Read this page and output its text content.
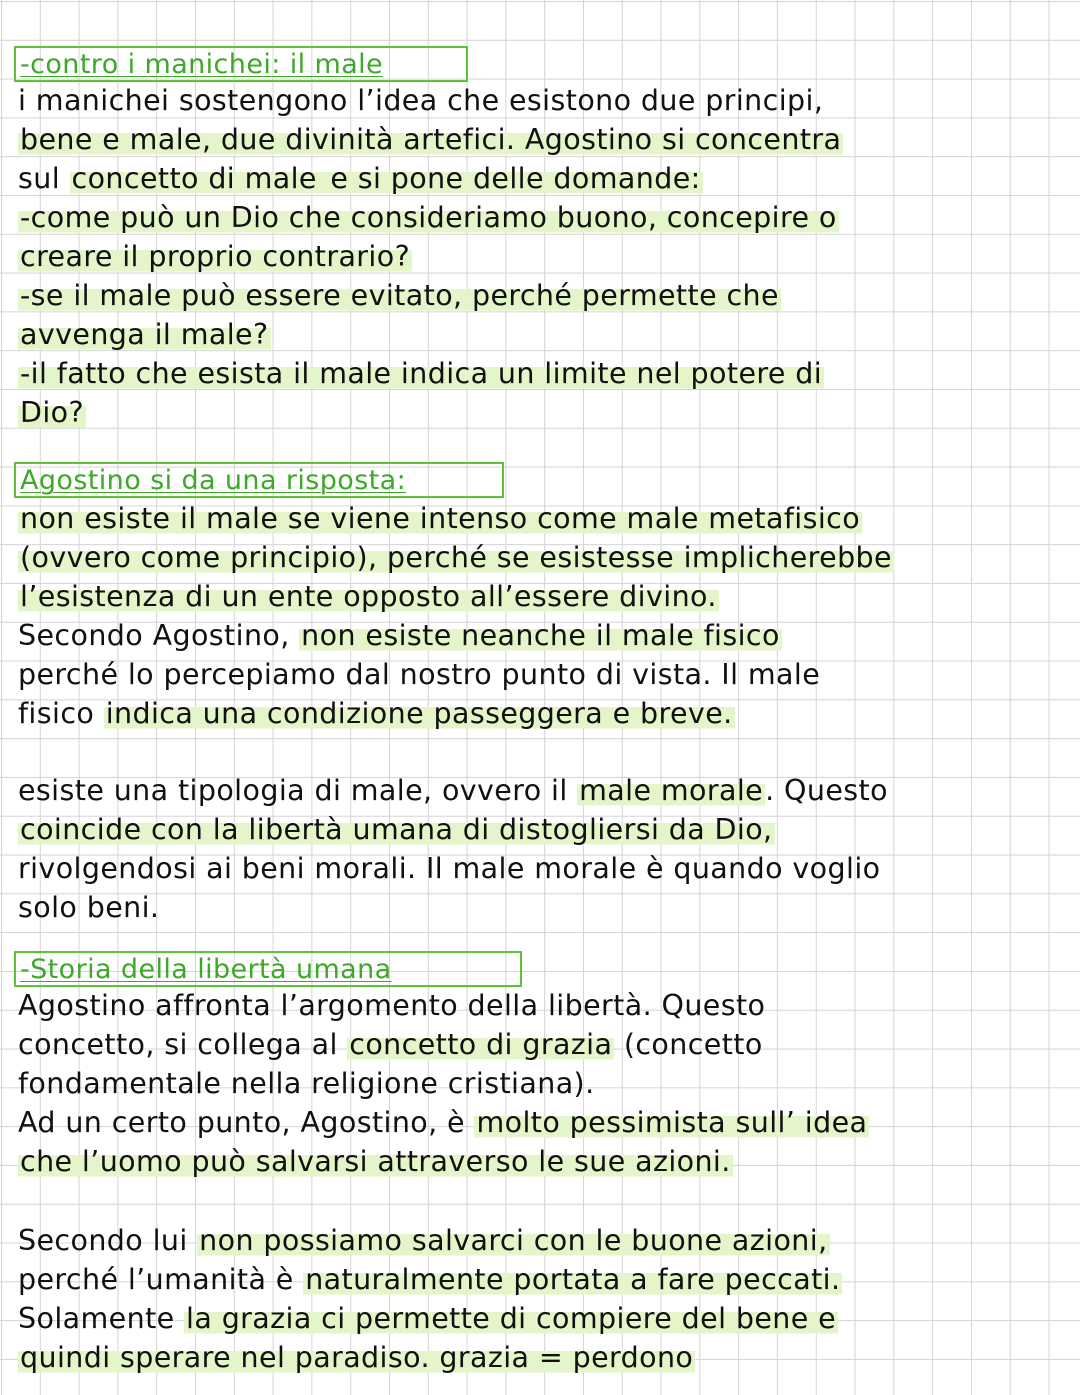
-contro i manichei: il male
i manichei sostengono l’idea che esistono due principi,
bene e male, due divinità artefici. Agostino si concentra
sul concetto di male e si pone delle domande:
-come può un Dio che consideriamo buono, concepire o
creare il proprio contrario?
-se il male può essere evitato, perché permette che
avvenga il male?
-il fatto che esista il male indica un limite nel potere di
Dio?
Agostino si da una risposta:
non esiste il male se viene intenso come male metafisico
(ovvero come principio), perché se esistesse implicherebbe
l’esistenza di un ente opposto all’essere divino.
Secondo Agostino, non esiste neanche il male fisico
perché lo percepiamo dal nostro punto di vista. Il male
fisico indica una condizione passeggera e breve.
esiste una tipologia di male, ovvero il male morale. Questo
coincide con la libertà umana di distogliersi da Dio,
rivolgendosi ai beni morali. Il male morale è quando voglio
solo beni.
-Storia della libertà umana
Agostino affronta l’argomento della libertà. Questo
concetto, si collega al concetto di grazia (concetto
fondamentale nella religione cristiana).
Ad un certo punto, Agostino, è molto pessimista sull’ idea
che l’uomo può salvarsi attraverso le sue azioni.
Secondo lui non possiamo salvarci con le buone azioni,
perché l’umanità è naturalmente portata a fare peccati.
Solamente la grazia ci permette di compiere del bene e
quindi sperare nel paradiso. grazia = perdono
